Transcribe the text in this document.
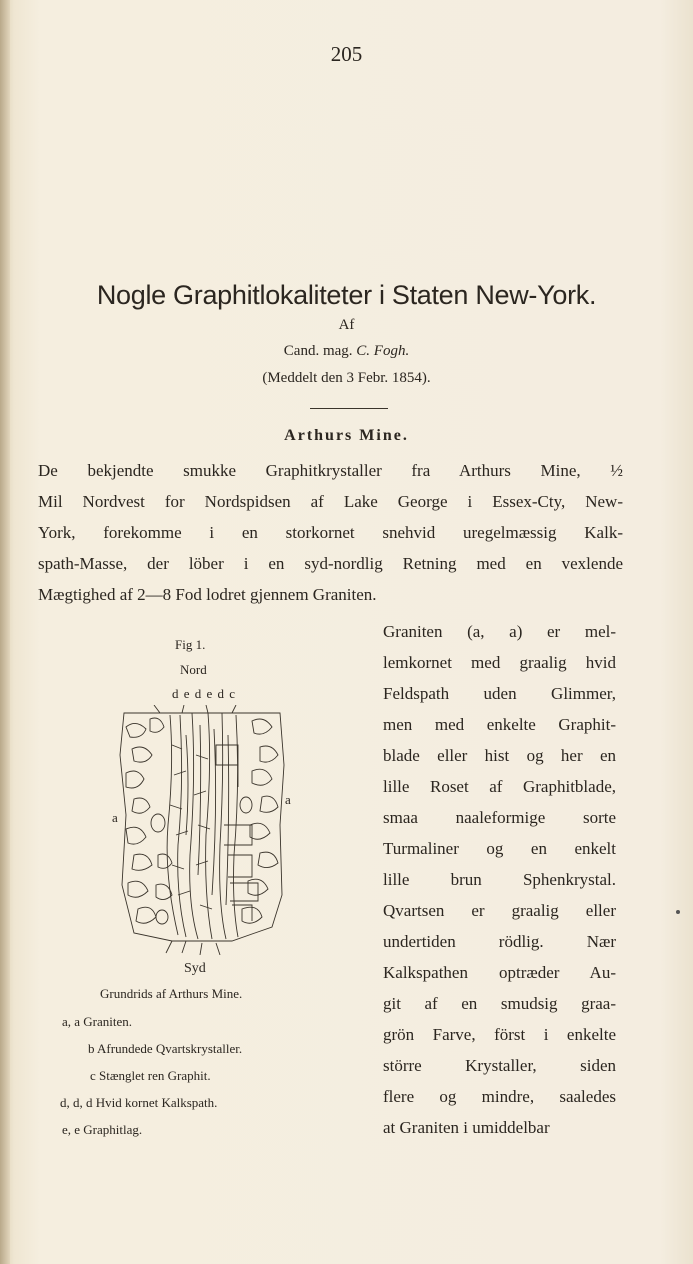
205
Nogle Graphitlokaliteter i Staten New-York.
Af
Cand. mag. C. Fogh.
(Meddelt den 3 Febr. 1854).
Arthurs Mine.
De bekjendte smukke Graphitkrystaller fra Arthurs Mine, ½
Mil Nordvest for Nordspidsen af Lake George i Essex-Cty, New-
York, forekomme i en storkornet snehvid uregelmæssig Kalk-
spath-Masse, der löber i en syd-nordlig Retning med en vexlende
Mægtighed af 2—8 Fod lodret gjennem Graniten.
Graniten (a, a) er mel-
lemkornet med graalig hvid
Feldspath uden Glimmer,
men med enkelte Graphit-
blade eller hist og her en
lille Roset af Graphitblade,
smaa naaleformige sorte
Turmaliner og en enkelt
lille brun Sphenkrystal.
Qvartsen er graalig eller
undertiden rödlig. Nær
Kalkspathen optræder Au-
git af en smudsig graa-
grön Farve, först i enkelte
större Krystaller, siden
flere og mindre, saaledes
at Graniten i umiddelbar
Fig 1.
Nord
d e d e d c
a
a
Syd
Grundrids af Arthurs Mine.
a, a Graniten.
b Afrundede Qvartskrystaller.
c Stænglet ren Graphit.
d, d, d Hvid kornet Kalkspath.
e, e Graphitlag.
